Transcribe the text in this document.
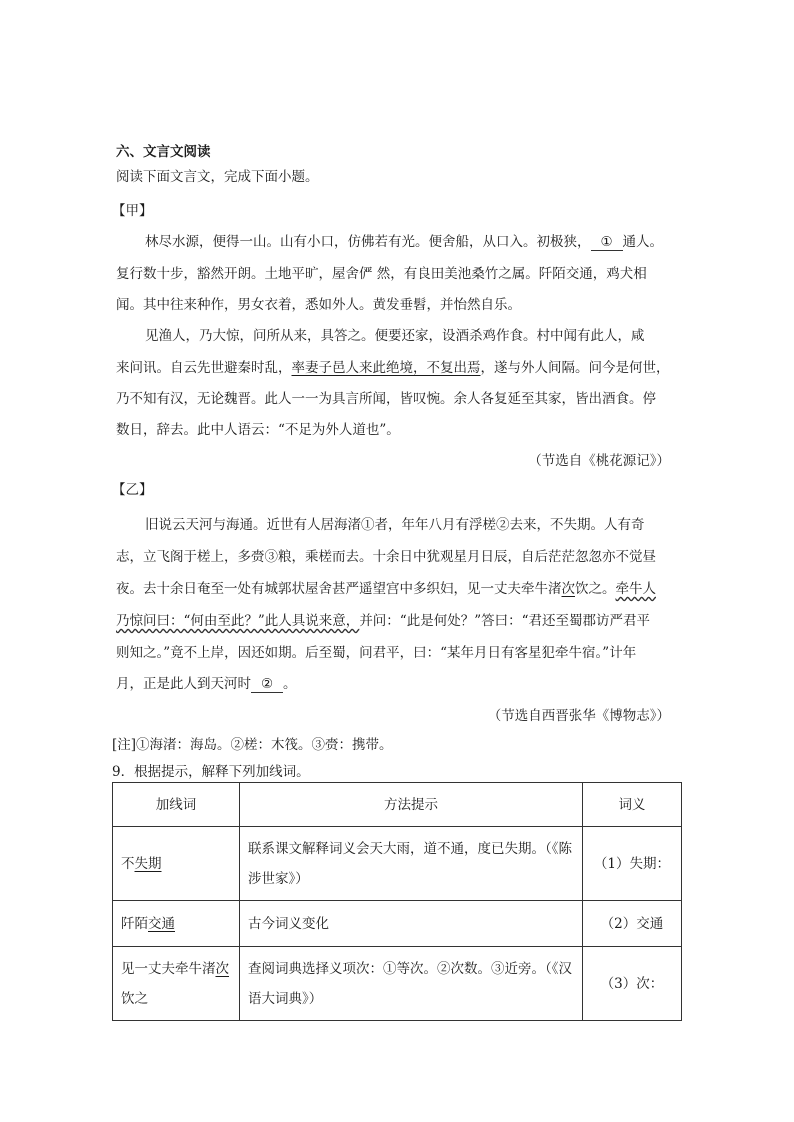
六、文言文阅读
阅读下面文言文，完成下面小题。
【甲】
林尽水源，便得一山。山有小口，仿佛若有光。便舍船，从口入。初极狭， ① 通人。
复行数十步，豁然开朗。土地平旷，屋舍俨 然，有良田美池桑竹之属。阡陌交通，鸡犬相
闻。其中往来种作，男女衣着，悉如外人。黄发垂髫，并怡然自乐。
见渔人，乃大惊，问所从来，具答之。便要还家，设酒杀鸡作食。村中闻有此人，咸
来问讯。自云先世避秦时乱，率妻子邑人来此绝境，不复出焉，遂与外人间隔。问今是何世，
乃不知有汉，无论魏晋。此人一一为具言所闻，皆叹惋。余人各复延至其家，皆出酒食。停
数日，辞去。此中人语云：“不足为外人道也”。
（节选自《桃花源记》）
【乙】
旧说云天河与海通。近世有人居海渚①者，年年八月有浮槎②去来，不失期。人有奇
志，立飞阁于槎上，多赍③粮，乘槎而去。十余日中犹观星月日辰，自后茫茫忽忽亦不觉昼
夜。去十余日奄至一处有城郭状屋舍甚严遥望宫中多织妇，见一丈夫牵牛渚次饮之。牵牛人
乃惊问曰：“何由至此？”此人具说来意，并问：“此是何处？”答曰：“君还至蜀郡访严君平
则知之。”竟不上岸，因还如期。后至蜀，问君平，曰：“某年月日有客星犯牵牛宿。”计年
月，正是此人到天河时 ② 。
（节选自西晋张华《博物志》）
[注]①海渚：海岛。②槎：木筏。③赍：携带。
9．根据提示，解释下列加线词。
加线词	方法提示	词义
不失期	联系课文解释词义会天大雨，道不通，度已失期。（《陈涉世家》）	（1）失期：
阡陌交通	古今词义变化	（2）交通
见一丈夫牵牛渚次饮之	查阅词典选择义项次：①等次。②次数。③近旁。（《汉语大词典》）	（3）次：
